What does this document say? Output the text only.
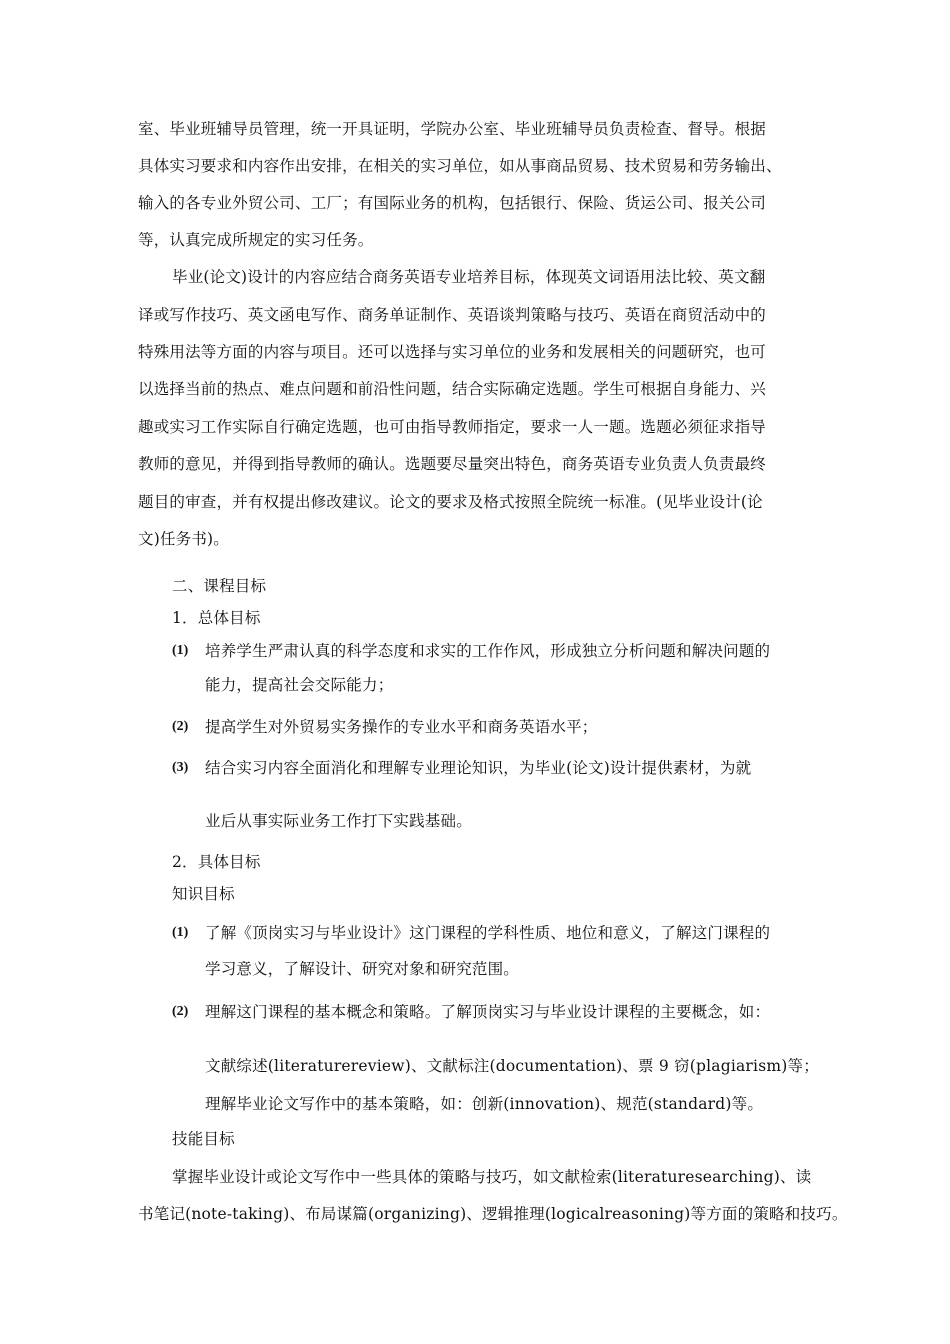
室、毕业班辅导员管理，统一开具证明，学院办公室、毕业班辅导员负责检查、督导。根据
具体实习要求和内容作出安排，在相关的实习单位，如从事商品贸易、技术贸易和劳务输出、
输入的各专业外贸公司、工厂；有国际业务的机构，包括银行、保险、货运公司、报关公司
等，认真完成所规定的实习任务。
毕业(论文)设计的内容应结合商务英语专业培养目标，体现英文词语用法比较、英文翻
译或写作技巧、英文函电写作、商务单证制作、英语谈判策略与技巧、英语在商贸活动中的
特殊用法等方面的内容与项目。还可以选择与实习单位的业务和发展相关的问题研究，也可
以选择当前的热点、难点问题和前沿性问题，结合实际确定选题。学生可根据自身能力、兴
趣或实习工作实际自行确定选题，也可由指导教师指定，要求一人一题。选题必须征求指导
教师的意见，并得到指导教师的确认。选题要尽量突出特色，商务英语专业负责人负责最终
题目的审查，并有权提出修改建议。论文的要求及格式按照全院统一标准。(见毕业设计(论
文)任务书)。
二、课程目标
1．总体目标
(1) 培养学生严肃认真的科学态度和求实的工作作风，形成独立分析问题和解决问题的
能力，提高社会交际能力；
(2) 提高学生对外贸易实务操作的专业水平和商务英语水平；
(3) 结合实习内容全面消化和理解专业理论知识，为毕业(论文)设计提供素材，为就
业后从事实际业务工作打下实践基础。
2．具体目标
知识目标
(1) 了解《顶岗实习与毕业设计》这门课程的学科性质、地位和意义，了解这门课程的
学习意义，了解设计、研究对象和研究范围。
(2) 理解这门课程的基本概念和策略。了解顶岗实习与毕业设计课程的主要概念，如：
文献综述(literaturereview)、文献标注(documentation)、票 9 窃(plagiarism)等；
理解毕业论文写作中的基本策略，如：创新(innovation)、规范(standard)等。
技能目标
掌握毕业设计或论文写作中一些具体的策略与技巧，如文献检索(literaturesearching)、读
书笔记(note-taking)、布局谋篇(organizing)、逻辑推理(logicalreasoning)等方面的策略和技巧。
